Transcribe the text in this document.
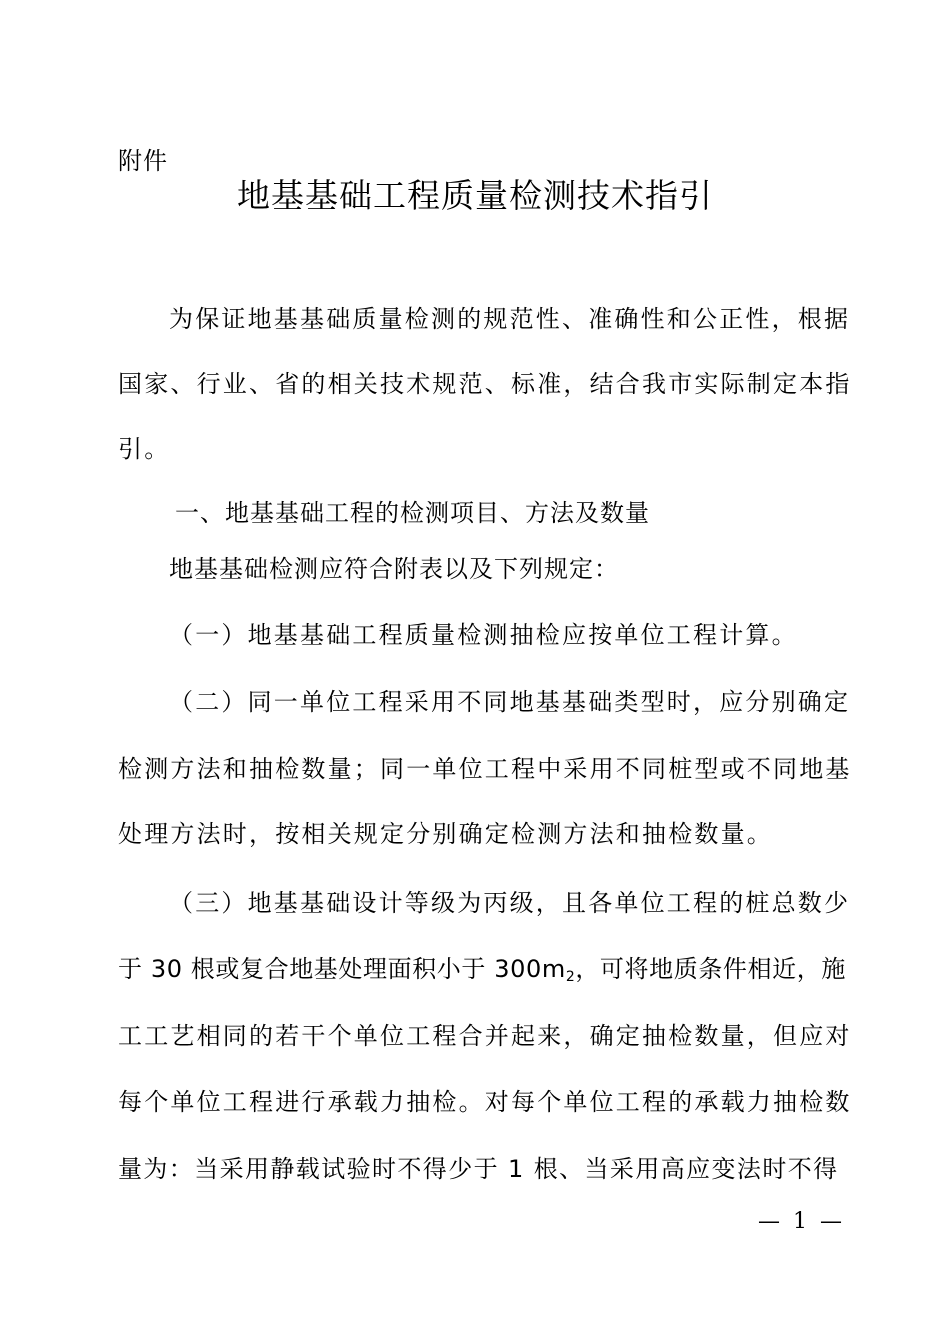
附件
地基基础工程质量检测技术指引
为保证地基基础质量检测的规范性、准确性和公正性，根据
国家、行业、省的相关技术规范、标准，结合我市实际制定本指
引。
一、地基基础工程的检测项目、方法及数量
地基基础检测应符合附表以及下列规定：
（一）地基基础工程质量检测抽检应按单位工程计算。
（二）同一单位工程采用不同地基基础类型时，应分别确定
检测方法和抽检数量；同一单位工程中采用不同桩型或不同地基
处理方法时，按相关规定分别确定检测方法和抽检数量。
（三）地基基础设计等级为丙级，且各单位工程的桩总数少
于 30 根或复合地基处理面积小于 $300m_2$，可将地质条件相近，施
工工艺相同的若干个单位工程合并起来，确定抽检数量，但应对
每个单位工程进行承载力抽检。对每个单位工程的承载力抽检数
量为：当采用静载试验时不得少于 1 根、当采用高应变法时不得
— 1 —
